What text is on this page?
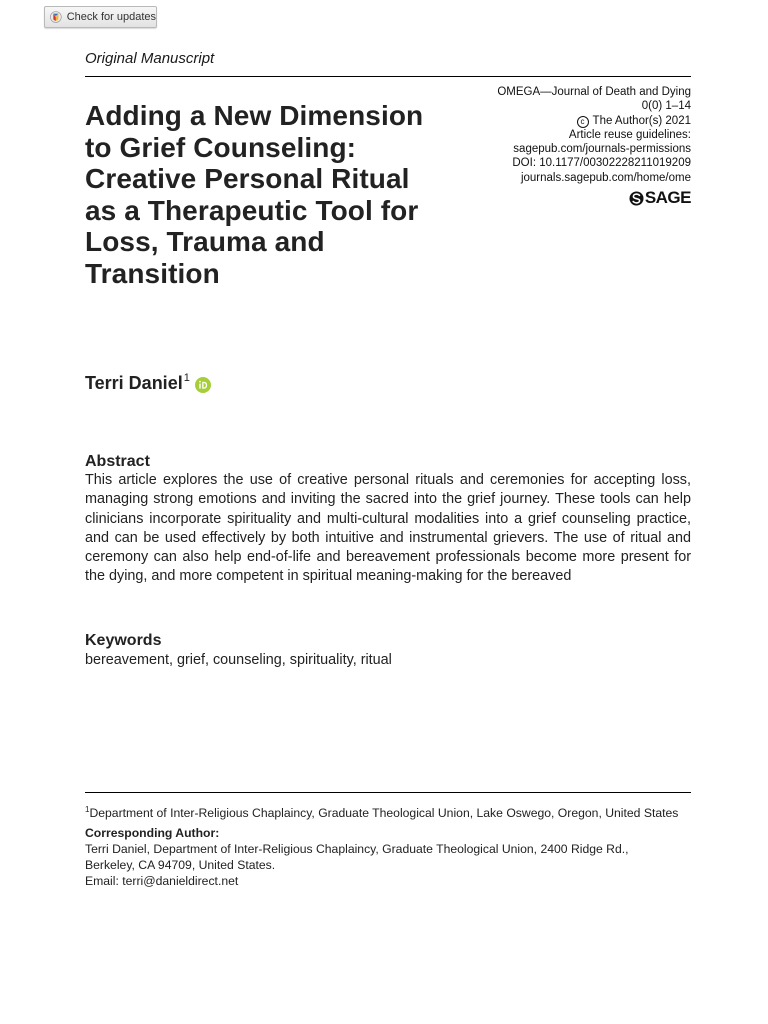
Check for updates
Original Manuscript
Adding a New Dimension to Grief Counseling: Creative Personal Ritual as a Therapeutic Tool for Loss, Trauma and Transition
OMEGA—Journal of Death and Dying
0(0) 1–14
c The Author(s) 2021
Article reuse guidelines:
sagepub.com/journals-permissions
DOI: 10.1177/00302228211019209
journals.sagepub.com/home/ome
SAGE
Terri Daniel$^1$
Abstract

This article explores the use of creative personal rituals and ceremonies for accepting loss, managing strong emotions and inviting the sacred into the grief journey. These tools can help clinicians incorporate spirituality and multi-cultural modalities into a grief counseling practice, and can be used effectively by both intuitive and instrumental grievers. The use of ritual and ceremony can also help end-of-life and bereavement professionals become more present for the dying, and more competent in spiritual meaning-making for the bereaved

Keywords

bereavement, grief, counseling, spirituality, ritual

$^1$Department of Inter-Religious Chaplaincy, Graduate Theological Union, Lake Oswego, Oregon, United States

Corresponding Author:

Terri Daniel, Department of Inter-Religious Chaplaincy, Graduate Theological Union, 2400 Ridge Rd.,

Berkeley, CA 94709, United States.

Email: terri@danieldirect.net
